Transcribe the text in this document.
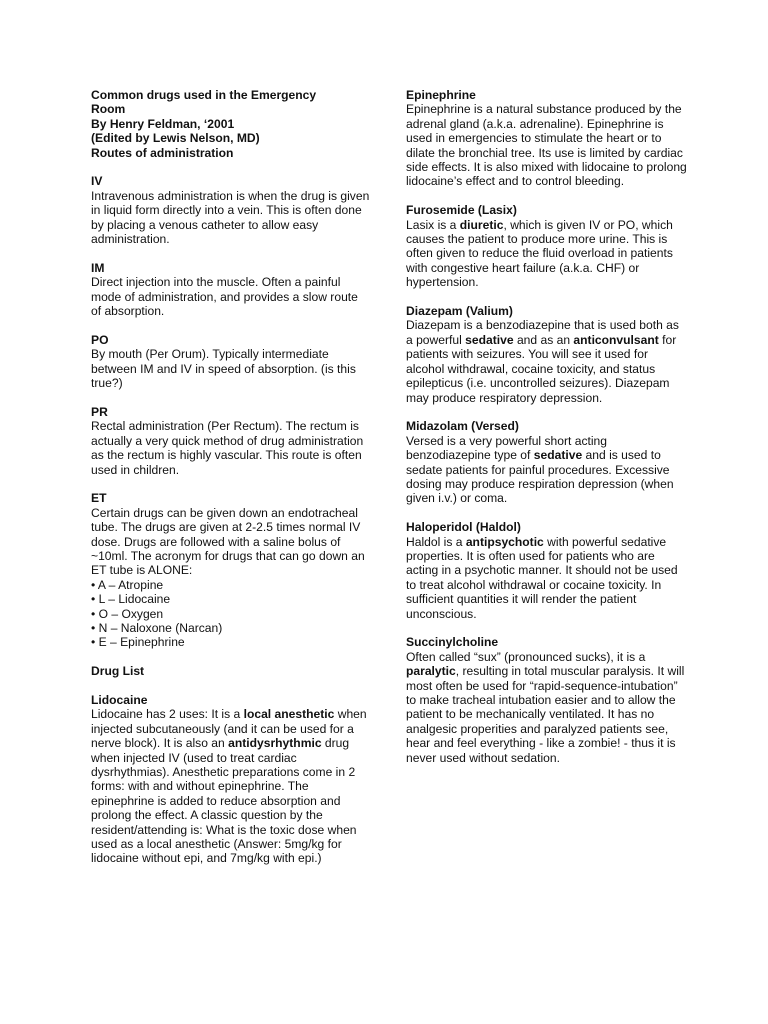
Common drugs used in the Emergency

Room

By Henry Feldman, ‘2001

(Edited by Lewis Nelson, MD)

Routes of administration

IV

Intravenous administration is when the drug is given in liquid form directly into a vein. This is often done by placing a venous catheter to allow easy administration.

IM

Direct injection into the muscle. Often a painful mode of administration, and provides a slow route of absorption.

PO

By mouth (Per Orum). Typically intermediate between IM and IV in speed of absorption. (is this true?)

PR

Rectal administration (Per Rectum). The rectum is actually a very quick method of drug administration as the rectum is highly vascular. This route is often used in children.

ET

Certain drugs can be given down an endotracheal tube. The drugs are given at 2-2.5 times normal IV dose. Drugs are followed with a saline bolus of ~10ml. The acronym for drugs that can go down an ET tube is ALONE:

• A – Atropine
• L – Lidocaine
• O – Oxygen
• N – Naloxone (Narcan)
• E – Epinephrine

Drug List

Lidocaine

Lidocaine has 2 uses: It is a local anesthetic when injected subcutaneously (and it can be used for a nerve block). It is also an antidysrhythmic drug when injected IV (used to treat cardiac dysrhythmias). Anesthetic preparations come in 2 forms: with and without epinephrine. The epinephrine is added to reduce absorption and prolong the effect. A classic question by the resident/attending is: What is the toxic dose when used as a local anesthetic (Answer: 5mg/kg for lidocaine without epi, and 7mg/kg with epi.)

Epinephrine

Epinephrine is a natural substance produced by the adrenal gland (a.k.a. adrenaline). Epinephrine is used in emergencies to stimulate the heart or to dilate the bronchial tree. Its use is limited by cardiac side effects. It is also mixed with lidocaine to prolong lidocaine’s effect and to control bleeding.

Furosemide (Lasix)

Lasix is a diuretic, which is given IV or PO, which causes the patient to produce more urine. This is often given to reduce the fluid overload in patients with congestive heart failure (a.k.a. CHF) or hypertension.

Diazepam (Valium)

Diazepam is a benzodiazepine that is used both as a powerful sedative and as an anticonvulsant for patients with seizures. You will see it used for alcohol withdrawal, cocaine toxicity, and status epilepticus (i.e. uncontrolled seizures). Diazepam may produce respiratory depression.

Midazolam (Versed)

Versed is a very powerful short acting benzodiazepine type of sedative and is used to sedate patients for painful procedures. Excessive dosing may produce respiration depression (when given i.v.) or coma.

Haloperidol (Haldol)

Haldol is a antipsychotic with powerful sedative properties. It is often used for patients who are acting in a psychotic manner. It should not be used to treat alcohol withdrawal or cocaine toxicity. In sufficient quantities it will render the patient unconscious.

Succinylcholine

Often called “sux” (pronounced sucks), it is a paralytic, resulting in total muscular paralysis. It will most often be used for “rapid-sequence-intubation” to make tracheal intubation easier and to allow the patient to be mechanically ventilated. It has no analgesic properities and paralyzed patients see, hear and feel everything - like a zombie! - thus it is never used without sedation.
